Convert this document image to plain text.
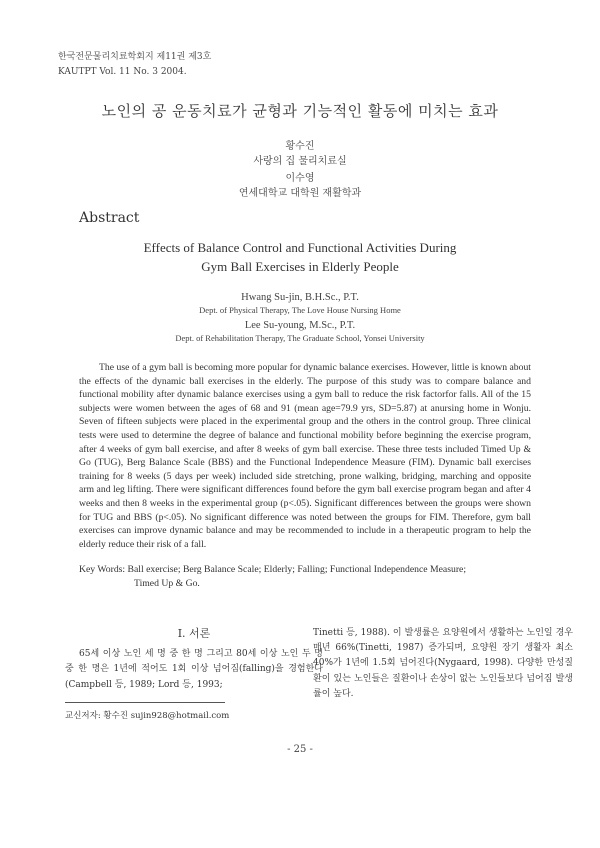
한국전문물리치료학회지 제11권 제3호
KAUTPT Vol. 11 No. 3 2004.
노인의 공 운동치료가 균형과 기능적인 활동에 미치는 효과
황수진
사랑의 집 물리치료실
이수영
연세대학교 대학원 재활학과
Abstract
Effects of Balance Control and Functional Activities During
Gym Ball Exercises in Elderly People
Hwang Su-jin, B.H.Sc., P.T.
Dept. of Physical Therapy, The Love House Nursing Home
Lee Su-young, M.Sc., P.T.
Dept. of Rehabilitation Therapy, The Graduate School, Yonsei University

The use of a gym ball is becoming more popular for dynamic balance exercises. However, little is known about the effects of the dynamic ball exercises in the elderly. The purpose of this study was to compare balance and functional mobility after dynamic balance exercises using a gym ball to reduce the risk factorfor falls. All of the 15 subjects were women between the ages of 68 and 91 (mean age=79.9 yrs, SD=5.87) at anursing home in Wonju. Seven of fifteen subjects were placed in the experimental group and the others in the control group. Three clinical tests were used to determine the degree of balance and functional mobility before beginning the exercise program, after 4 weeks of gym ball exercise, and after 8 weeks of gym ball exercise. These three tests included Timed Up & Go (TUG), Berg Balance Scale (BBS) and the Functional Independence Measure (FIM). Dynamic ball exercises training for 8 weeks (5 days per week) included side stretching, prone walking, bridging, marching and opposite arm and leg lifting. There were significant differences found before the gym ball exercise program began and after 4 weeks and then 8 weeks in the experimental group (p<.05). Significant differences between the groups were shown for TUG and BBS (p<.05). No significant difference was noted between the groups for FIM. Therefore, gym ball exercises can improve dynamic balance and may be recommended to include in a therapeutic program to help the elderly reduce their risk of a fall.

Key Words: Ball exercise; Berg Balance Scale; Elderly; Falling; Functional Independence Measure;
Timed Up & Go.
Ⅰ. 서론

65세 이상 노인 세 명 중 한 명 그리고 80세 이상 노인 두 명 중 한 명은 1년에 적어도 1회 이상 넘어짐(falling)을 경험한다(Campbell 등, 1989; Lord 등, 1993;

Tinetti 등, 1988). 이 발생률은 요양원에서 생활하는 노인일 경우 매년 66%(Tinetti, 1987) 증가되며, 요양원 장기 생활자 최소 40%가 1년에 1.5회 넘어진다(Nygaard, 1998). 다양한 만성질환이 있는 노인들은 질환이나 손상이 없는 노인들보다 넘어짐 발생률이 높다.

교신저자: 황수진 sujin928@hotmail.com
- 25 -
